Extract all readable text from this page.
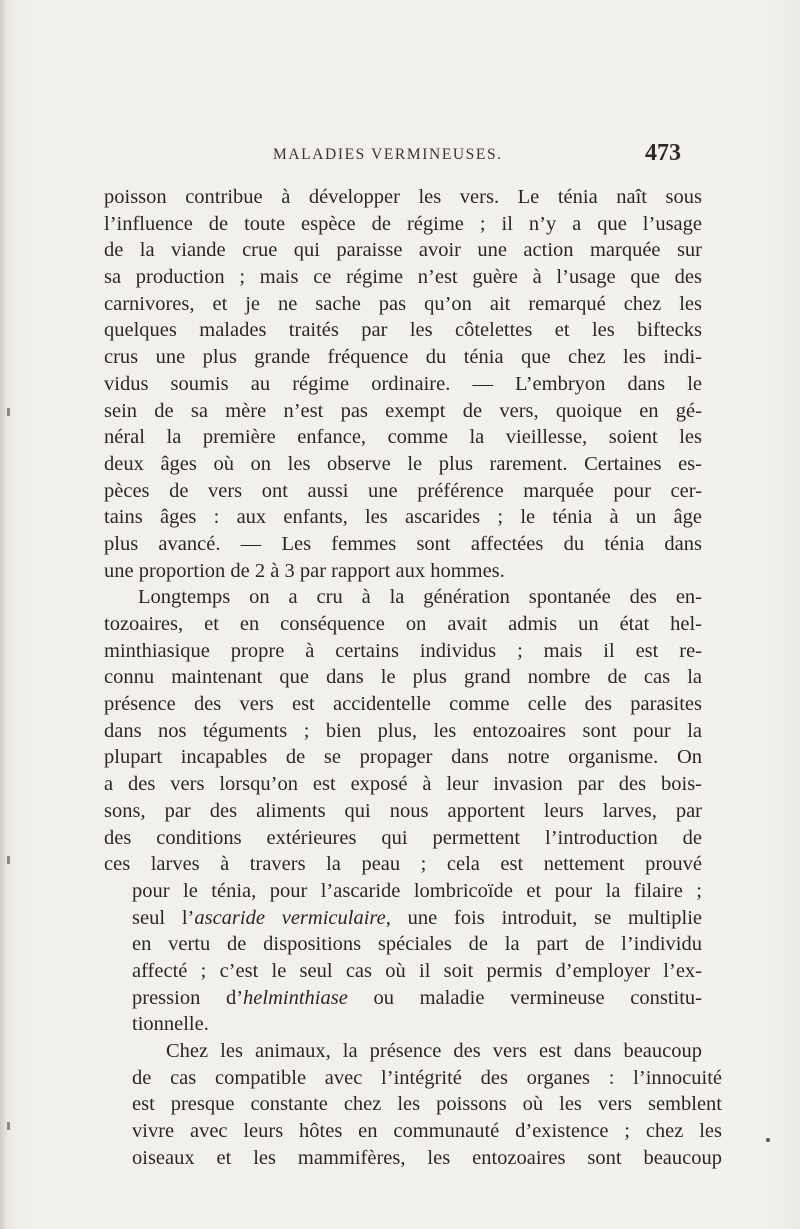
MALADIES VERMINEUSES.	473
poisson contribue à développer les vers. Le ténia naît sous
l’influence de toute espèce de régime ; il n’y a que l’usage
de la viande crue qui paraisse avoir une action marquée sur
sa production ; mais ce régime n’est guère à l’usage que des
carnivores, et je ne sache pas qu’on ait remarqué chez les
quelques malades traités par les côtelettes et les biftecks
crus une plus grande fréquence du ténia que chez les indi-
vidus soumis au régime ordinaire. — L’embryon dans le
sein de sa mère n’est pas exempt de vers, quoique en gé-
néral la première enfance, comme la vieillesse, soient les
deux âges où on les observe le plus rarement. Certaines es-
pèces de vers ont aussi une préférence marquée pour cer-
tains âges : aux enfants, les ascarides ; le ténia à un âge
plus avancé. — Les femmes sont affectées du ténia dans
une proportion de 2 à 3 par rapport aux hommes.
Longtemps on a cru à la génération spontanée des en-
tozoaires, et en conséquence on avait admis un état hel-
minthiasique propre à certains individus ; mais il est re-
connu maintenant que dans le plus grand nombre de cas la
présence des vers est accidentelle comme celle des parasites
dans nos téguments ; bien plus, les entozoaires sont pour la
plupart incapables de se propager dans notre organisme. On
a des vers lorsqu’on est exposé à leur invasion par des bois-
sons, par des aliments qui nous apportent leurs larves, par
des conditions extérieures qui permettent l’introduction de
ces larves à travers la peau ; cela est nettement prouvé
pour le ténia, pour l’ascaride lombricoïde et pour la filaire ;
seul l’ascaride vermiculaire, une fois introduit, se multiplie
en vertu de dispositions spéciales de la part de l’individu
affecté ; c’est le seul cas où il soit permis d’employer l’ex-
pression d’helminthiase ou maladie vermineuse constitu-
tionnelle.
Chez les animaux, la présence des vers est dans beaucoup
de cas compatible avec l’intégrité des organes : l’innocuité
est presque constante chez les poissons où les vers semblent
vivre avec leurs hôtes en communauté d’existence ; chez les
oiseaux et les mammifères, les entozoaires sont beaucoup
